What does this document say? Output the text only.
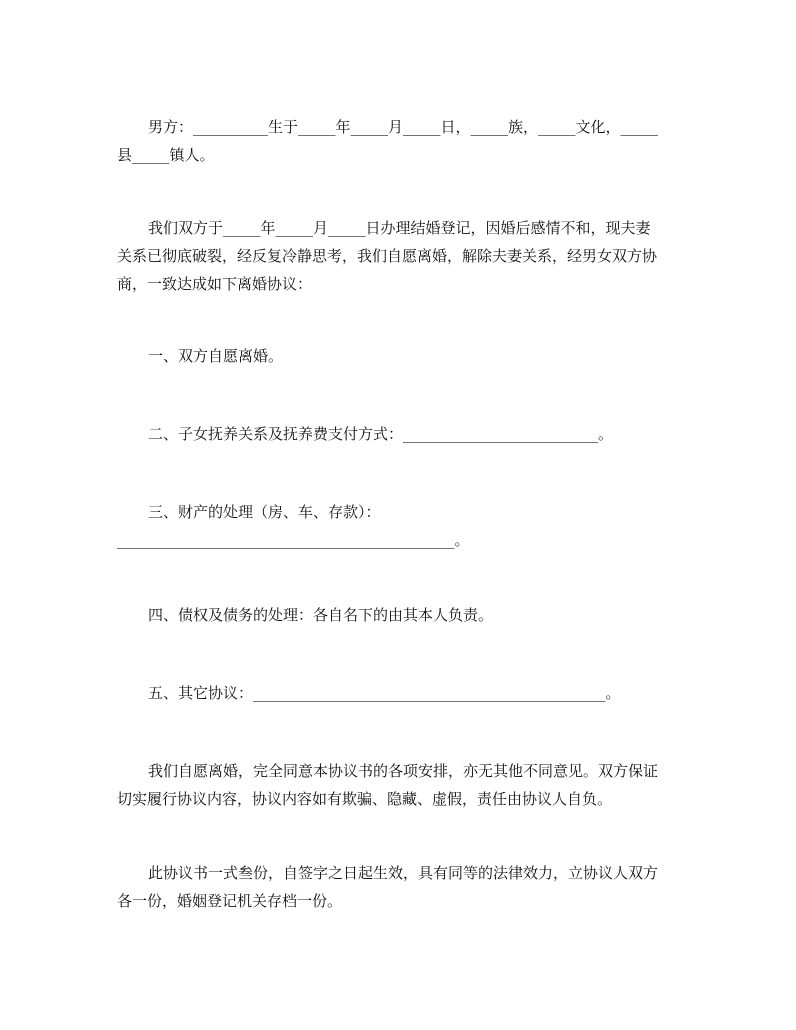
男方：__________生于_____年_____月_____日，_____族，_____文化，_____
县_____镇人。
我们双方于_____年_____月_____日办理结婚登记，因婚后感情不和，现夫妻
关系已彻底破裂，经反复冷静思考，我们自愿离婚，解除夫妻关系，经男女双方协
商，一致达成如下离婚协议：
一、双方自愿离婚。
二、子女抚养关系及抚养费支付方式：__________________________。
三、财产的处理（房、车、存款）：
_____________________________________________。
四、债权及债务的处理：各自名下的由其本人负责。
五、其它协议：_______________________________________________。
我们自愿离婚，完全同意本协议书的各项安排，亦无其他不同意见。双方保证
切实履行协议内容，协议内容如有欺骗、隐藏、虚假，责任由协议人自负。
此协议书一式叁份，自签字之日起生效，具有同等的法律效力，立协议人双方
各一份，婚姻登记机关存档一份。
